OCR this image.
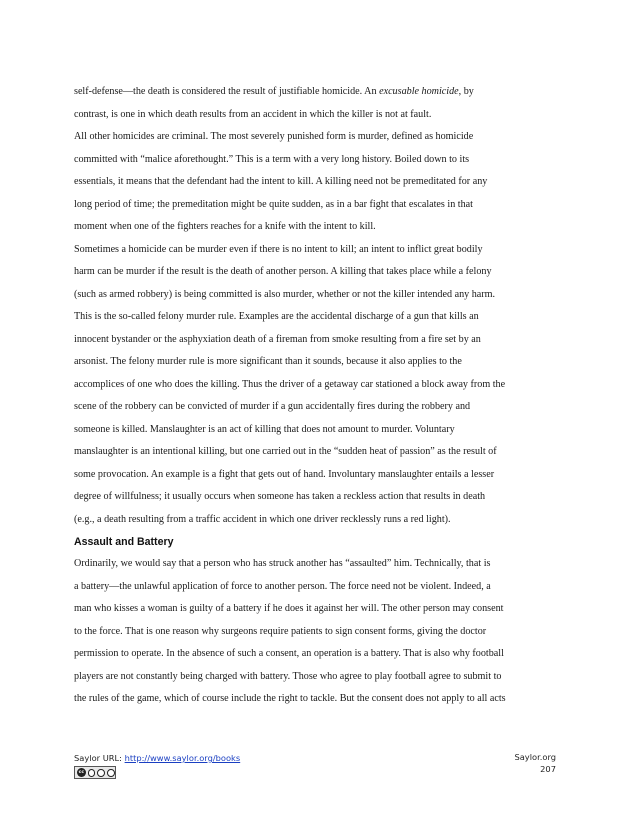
self-defense—the death is considered the result of justifiable homicide. An excusable homicide, by
contrast, is one in which death results from an accident in which the killer is not at fault.
All other homicides are criminal. The most severely punished form is murder, defined as homicide
committed with “malice aforethought.” This is a term with a very long history. Boiled down to its
essentials, it means that the defendant had the intent to kill. A killing need not be premeditated for any
long period of time; the premeditation might be quite sudden, as in a bar fight that escalates in that
moment when one of the fighters reaches for a knife with the intent to kill.
Sometimes a homicide can be murder even if there is no intent to kill; an intent to inflict great bodily
harm can be murder if the result is the death of another person. A killing that takes place while a felony
(such as armed robbery) is being committed is also murder, whether or not the killer intended any harm.
This is the so-called felony murder rule. Examples are the accidental discharge of a gun that kills an
innocent bystander or the asphyxiation death of a fireman from smoke resulting from a fire set by an
arsonist. The felony murder rule is more significant than it sounds, because it also applies to the
accomplices of one who does the killing. Thus the driver of a getaway car stationed a block away from the
scene of the robbery can be convicted of murder if a gun accidentally fires during the robbery and
someone is killed. Manslaughter is an act of killing that does not amount to murder. Voluntary
manslaughter is an intentional killing, but one carried out in the “sudden heat of passion” as the result of
some provocation. An example is a fight that gets out of hand. Involuntary manslaughter entails a lesser
degree of willfulness; it usually occurs when someone has taken a reckless action that results in death
(e.g., a death resulting from a traffic accident in which one driver recklessly runs a red light).
Assault and Battery
Ordinarily, we would say that a person who has struck another has “assaulted” him. Technically, that is
a battery—the unlawful application of force to another person. The force need not be violent. Indeed, a
man who kisses a woman is guilty of a battery if he does it against her will. The other person may consent
to the force. That is one reason why surgeons require patients to sign consent forms, giving the doctor
permission to operate. In the absence of such a consent, an operation is a battery. That is also why football
players are not constantly being charged with battery. Those who agree to play football agree to submit to
the rules of the game, which of course include the right to tackle. But the consent does not apply to all acts
Saylor URL: http://www.saylor.org/books
cc
Saylor.org
207
